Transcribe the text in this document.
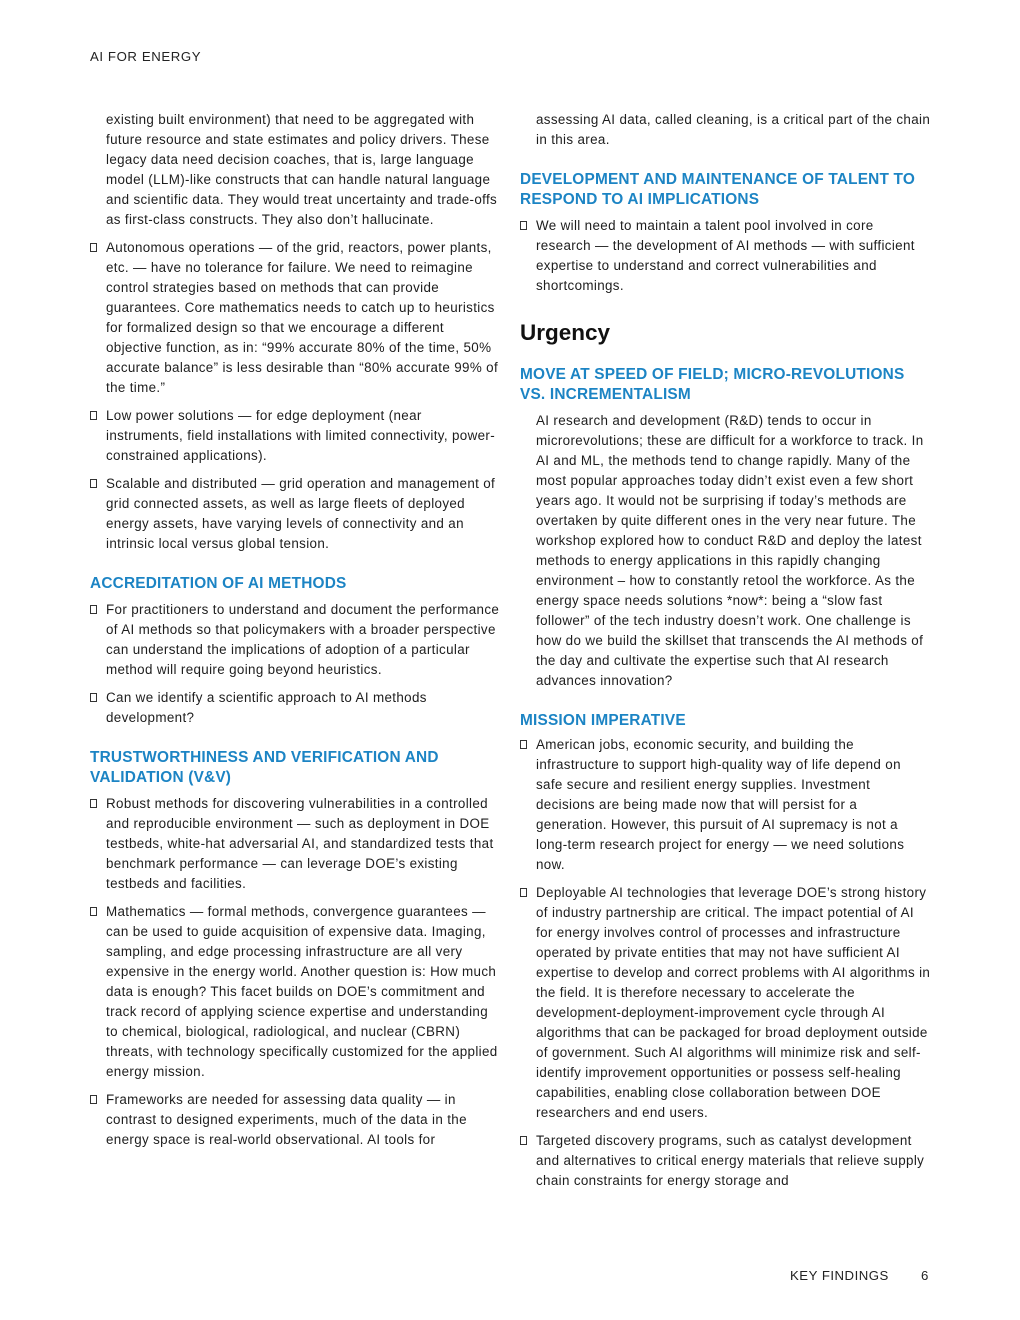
AI FOR ENERGY

existing built environment) that need to be aggregated with future resource and state estimates and policy drivers. These legacy data need decision coaches, that is, large language model (LLM)-like constructs that can handle natural language and scientific data. They would treat uncertainty and trade-offs as first-class constructs. They also don’t hallucinate.

Autonomous operations — of the grid, reactors, power plants, etc. — have no tolerance for failure. We need to reimagine control strategies based on methods that can provide guarantees. Core mathematics needs to catch up to heuristics for formalized design so that we encourage a different objective function, as in: “99% accurate 80% of the time, 50% accurate balance” is less desirable than “80% accurate 99% of the time.”
Low power solutions — for edge deployment (near instruments, field installations with limited connectivity, power-constrained applications).
Scalable and distributed — grid operation and management of grid connected assets, as well as large fleets of deployed energy assets, have varying levels of connectivity and an intrinsic local versus global tension.
ACCREDITATION OF AI METHODS
For practitioners to understand and document the performance of AI methods so that policymakers with a broader perspective can understand the implications of adoption of a particular method will require going beyond heuristics.
Can we identify a scientific approach to AI methods development?
TRUSTWORTHINESS AND VERIFICATION AND VALIDATION (V&V)
Robust methods for discovering vulnerabilities in a controlled and reproducible environment — such as deployment in DOE testbeds, white-hat adversarial AI, and standardized tests that benchmark performance — can leverage DOE’s existing testbeds and facilities.
Mathematics — formal methods, convergence guarantees —can be used to guide acquisition of expensive data. Imaging, sampling, and edge processing infrastructure are all very expensive in the energy world. Another question is: How much data is enough? This facet builds on DOE’s commitment and track record of applying science expertise and understanding to chemical, biological, radiological, and nuclear (CBRN) threats, with technology specifically customized for the applied energy mission.
Frameworks are needed for assessing data quality — in contrast to designed experiments, much of the data in the energy space is real-world observational. AI tools for

assessing AI data, called cleaning, is a critical part of the chain in this area.

DEVELOPMENT AND MAINTENANCE OF TALENT TO RESPOND TO AI IMPLICATIONS
We will need to maintain a talent pool involved in core research — the development of AI methods — with sufficient expertise to understand and correct vulnerabilities and shortcomings.
Urgency
MOVE AT SPEED OF FIELD; MICRO-REVOLUTIONS VS. INCREMENTALISM

AI research and development (R&D) tends to occur in microrevolutions; these are difficult for a workforce to track. In AI and ML, the methods tend to change rapidly. Many of the most popular approaches today didn’t exist even a few short years ago. It would not be surprising if today’s methods are overtaken by quite different ones in the very near future. The workshop explored how to conduct R&D and deploy the latest methods to energy applications in this rapidly changing environment – how to constantly retool the workforce. As the energy space needs solutions *now*: being a “slow fast follower” of the tech industry doesn’t work. One challenge is how do we build the skillset that transcends the AI methods of the day and cultivate the expertise such that AI research advances innovation?

MISSION IMPERATIVE
American jobs, economic security, and building the infrastructure to support high-quality way of life depend on safe secure and resilient energy supplies. Investment decisions are being made now that will persist for a generation. However, this pursuit of AI supremacy is not a long-term research project for energy — we need solutions now.
Deployable AI technologies that leverage DOE’s strong history of industry partnership are critical. The impact potential of AI for energy involves control of processes and infrastructure operated by private entities that may not have sufficient AI expertise to develop and correct problems with AI algorithms in the field. It is therefore necessary to accelerate the development-deployment-improvement cycle through AI algorithms that can be packaged for broad deployment outside of government. Such AI algorithms will minimize risk and self-identify improvement opportunities or possess self-healing capabilities, enabling close collaboration between DOE researchers and end users.
Targeted discovery programs, such as catalyst development and alternatives to critical energy materials that relieve supply chain constraints for energy storage and
KEY FINDINGS 6
